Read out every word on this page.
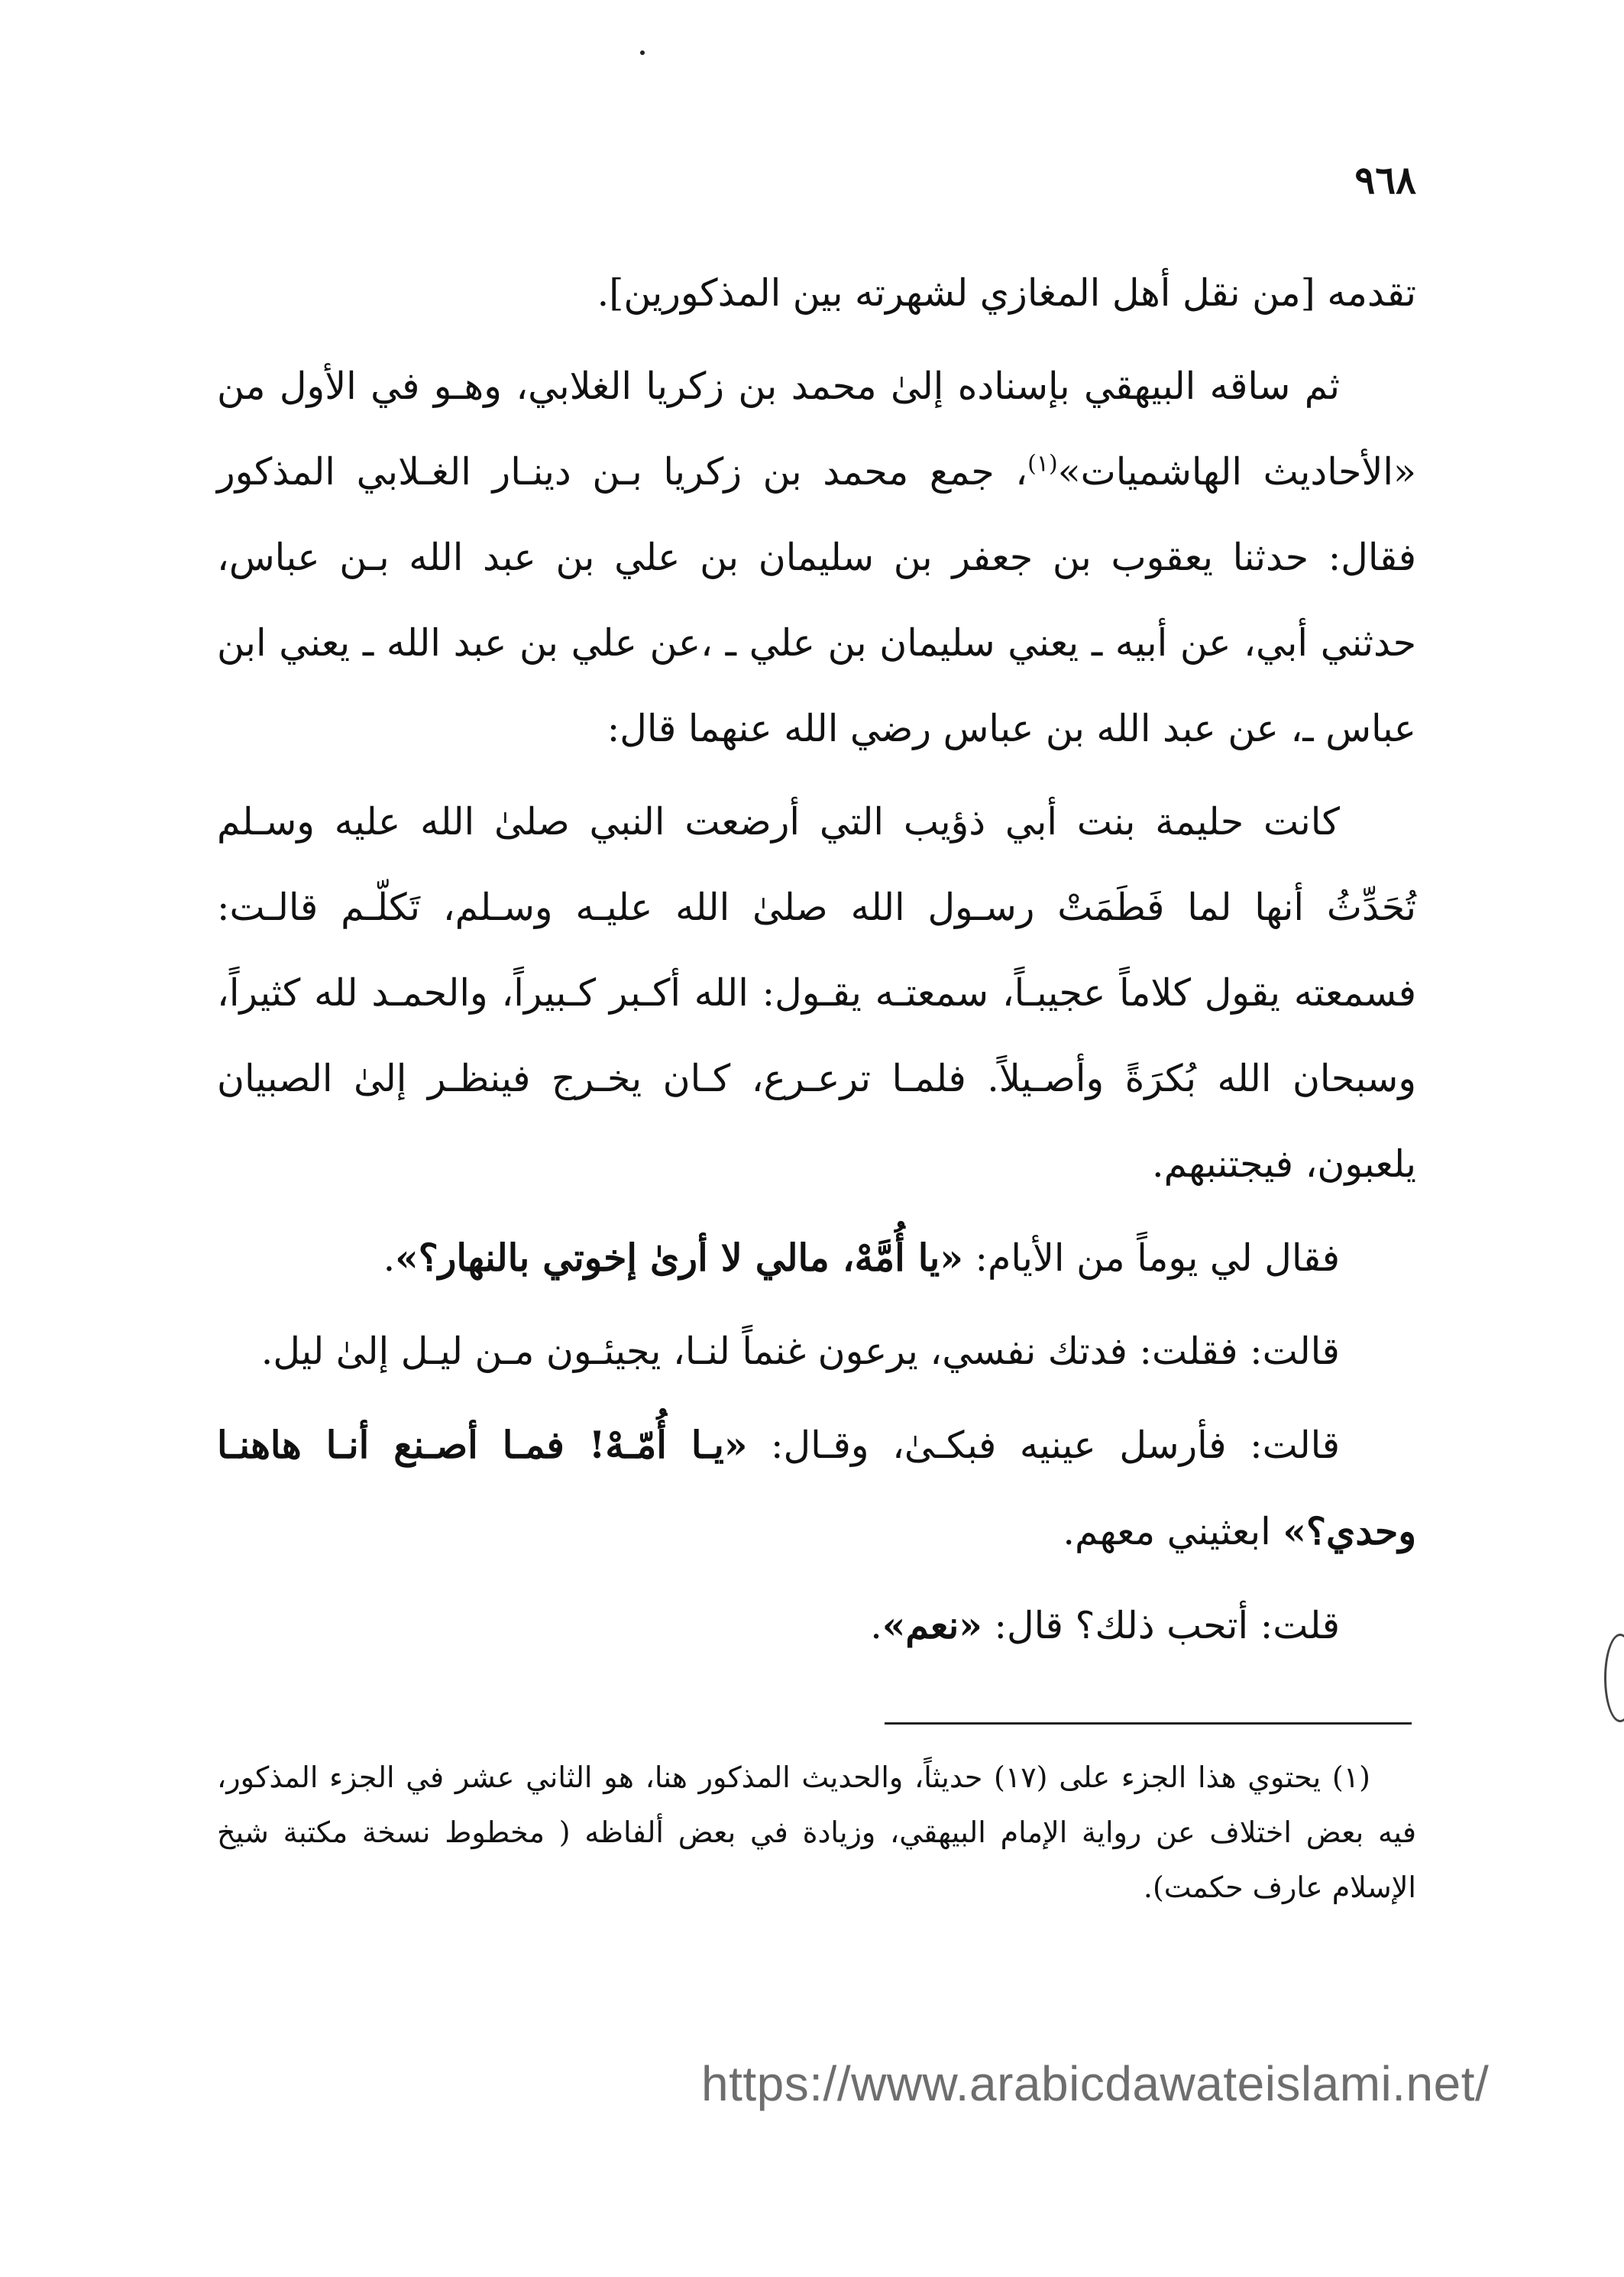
٩٦٨

تقدمه [من نقل أهل المغازي لشهرته بين المذكورين].

ثم ساقه البيهقي بإسناده إلىٰ محمد بن زكريا الغلابي، وهـو في الأول من «الأحاديث الهاشميات»$^{(١)}$، جمع محمد بن زكريا بـن دينـار الغـلابي المذكور فقال: حدثنا يعقوب بن جعفر بن سليمان بن علي بن عبد الله بـن عباس، حدثني أبي، عن أبيه ـ يعني سليمان بن علي ـ ،عن علي بن عبد الله ـ يعني ابن عباس ـ، عن عبد الله بن عباس رضي الله عنهما قال:

كانت حليمة بنت أبي ذؤيب التي أرضعت النبي صلىٰ الله عليه وسـلم تُحَدِّثُ أنها لما فَطَمَتْ رسـول الله صلىٰ الله عليـه وسـلم، تَكلّـم قالـت: فسمعته يقول كلاماً عجيبـاً، سمعتـه يقـول: الله أكـبر كـبيراً، والحمـد لله كثيراً، وسبحان الله بُكرَةً وأصـيلاً. فلمـا ترعـرع، كـان يخـرج فينظـر إلىٰ الصبيان يلعبون، فيجتنبهم.

فقال لي يوماً من الأيام: «يا أُمَّهْ، مالي لا أرىٰ إخوتي بالنهار؟».

قالت: فقلت: فدتك نفسي، يرعون غنماً لنـا، يجيئـون مـن ليـل إلىٰ ليل.

قالت: فأرسل عينيه فبكـىٰ، وقـال: «يـا أُمّـهْ! فمـا أصـنع أنـا هاهنـا وحدي؟» ابعثيني معهم.

قلت: أتحب ذلك؟ قال: «نعم».

(١) يحتوي هذا الجزء على (١٧) حديثاً، والحديث المذكور هنا، هو الثاني عشر في الجزء المذكور، فيه بعض اختلاف عن رواية الإمام البيهقي، وزيادة في بعض ألفاظه ( مخطوط نسخة مكتبة شيخ الإسلام عارف حكمت).

https://www.arabicdawateislami.net/
